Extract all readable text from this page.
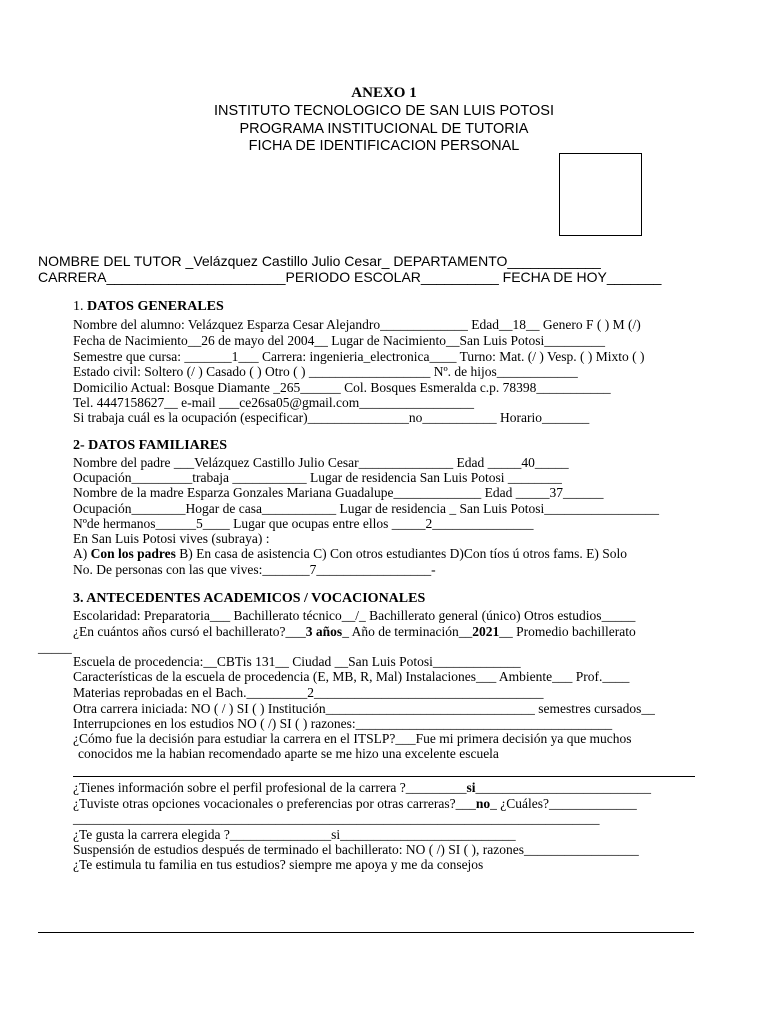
ANEXO 1
INSTITUTO TECNOLOGICO DE SAN LUIS POTOSI
PROGRAMA INSTITUCIONAL DE TUTORIA
FICHA DE IDENTIFICACION PERSONAL
NOMBRE DEL TUTOR _Velázquez Castillo Julio Cesar_ DEPARTAMENTO____________
CARRERA_______________________PERIODO ESCOLAR__________ FECHA DE HOY_______
1. DATOS GENERALES
Nombre del alumno: Velázquez Esparza Cesar Alejandro_____________ Edad__18__ Genero F ( ) M (/)
Fecha de Nacimiento__26 de mayo del 2004__ Lugar de Nacimiento__San Luis Potosi_________
Semestre que cursa: _______1___ Carrera: ingenieria_electronica____ Turno: Mat. (/ ) Vesp. ( ) Mixto ( )
Estado civil: Soltero (/ ) Casado ( ) Otro ( ) __________________ Nº. de hijos____________
Domicilio Actual: Bosque Diamante _265______ Col. Bosques Esmeralda c.p. 78398___________
Tel. 4447158627__ e-mail ___ce26sa05@gmail.com_________________
Si trabaja cuál es la ocupación (especificar)_______________no___________ Horario_______
2- DATOS FAMILIARES
Nombre del padre ___Velázquez Castillo Julio Cesar______________ Edad _____40_____
Ocupación_________trabaja ___________ Lugar de residencia San Luis Potosi ________
Nombre de la madre Esparza Gonzales Mariana Guadalupe_____________ Edad _____37______
Ocupación________Hogar de casa___________ Lugar de residencia _ San Luis Potosi_________________
Nºde hermanos______5____ Lugar que ocupas entre ellos _____2_______________
En San Luis Potosi vives (subraya) :
A) Con los padres B) En casa de asistencia C) Con otros estudiantes D)Con tíos ú otros fams. E) Solo
No. De personas con las que vives:_______7_________________-
3. ANTECEDENTES ACADEMICOS / VOCACIONALES
Escolaridad: Preparatoria___ Bachillerato técnico__/_ Bachillerato general (único) Otros estudios_____
¿En cuántos años cursó el bachillerato?___3 años_ Año de terminación__2021__ Promedio bachillerato
_____
Escuela de procedencia:__CBTis 131__ Ciudad __San Luis Potosi_____________
Características de la escuela de procedencia (E, MB, R, Mal) Instalaciones___ Ambiente___ Prof.____
Materias reprobadas en el Bach._________2__________________________________
Otra carrera iniciada: NO ( / ) SI ( ) Institución_______________________________ semestres cursados__
Interrupciones en los estudios NO ( /) SI ( ) razones:______________________________________
¿Cómo fue la decisión para estudiar la carrera en el ITSLP?___Fue mi primera decisión ya que muchos
conocidos me la habian recomendado aparte se me hizo una excelente escuela
¿Tienes información sobre el perfil profesional de la carrera ?_________si__________________________
¿Tuviste otras opciones vocacionales o preferencias por otras carreras?___no_ ¿Cuáles?_____________
______________________________________________________________________________
¿Te gusta la carrera elegida ?_______________si__________________________
Suspensión de estudios después de terminado el bachillerato: NO ( /) SI ( ), razones_________________
¿Te estimula tu familia en tus estudios? siempre me apoya y me da consejos
